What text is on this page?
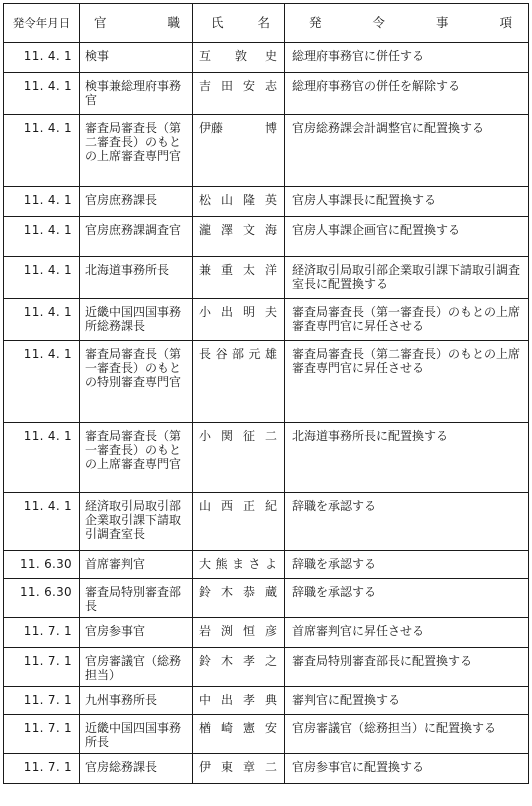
発令年月日	官 職	氏 名	発 令 事 項

11. 4. 1	検事	互 敦 史	総理府事務官に併任する

11. 4. 1	検事兼総理府事務官	吉 田 安 志	総理府事務官の併任を解除する

11. 4. 1	審査局審査長（第二審査長）のもとの上席審査専門官	伊藤 博	官房総務課会計調整官に配置換する

11. 4. 1	官房庶務課長	松 山 隆 英	官房人事課長に配置換する

11. 4. 1	官房庶務課調査官	瀧 澤 文 海	官房人事課企画官に配置換する

11. 4. 1	北海道事務所長	兼 重 太 洋	経済取引局取引部企業取引課下請取引調査室長に配置換する

11. 4. 1	近畿中国四国事務所総務課長	小 出 明 夫	審査局審査長（第一審査長）のもとの上席審査専門官に昇任させる

11. 4. 1	審査局審査長（第一審査長）のもとの特別審査専門官	長 谷 部 元 雄	審査局審査長（第二審査長）のもとの上席審査専門官に昇任させる

11. 4. 1	審査局審査長（第一審査長）のもとの上席審査専門官	小 関 征 二	北海道事務所長に配置換する

11. 4. 1	経済取引局取引部企業取引課下請取引調査室長	山 西 正 紀	辞職を承認する

11. 6.30	首席審判官	大 熊 ま さ よ	辞職を承認する

11. 6.30	審査局特別審査部長	鈴 木 恭 蔵	辞職を承認する

11. 7. 1	官房参事官	岩 渕 恒 彦	首席審判官に昇任させる

11. 7. 1	官房審議官（総務担当）	鈴 木 孝 之	審査局特別審査部長に配置換する

11. 7. 1	九州事務所長	中 出 孝 典	審判官に配置換する

11. 7. 1	近畿中国四国事務所長	楢 崎 憲 安	官房審議官（総務担当）に配置換する

11. 7. 1	官房総務課長	伊 東 章 二	官房参事官に配置換する
